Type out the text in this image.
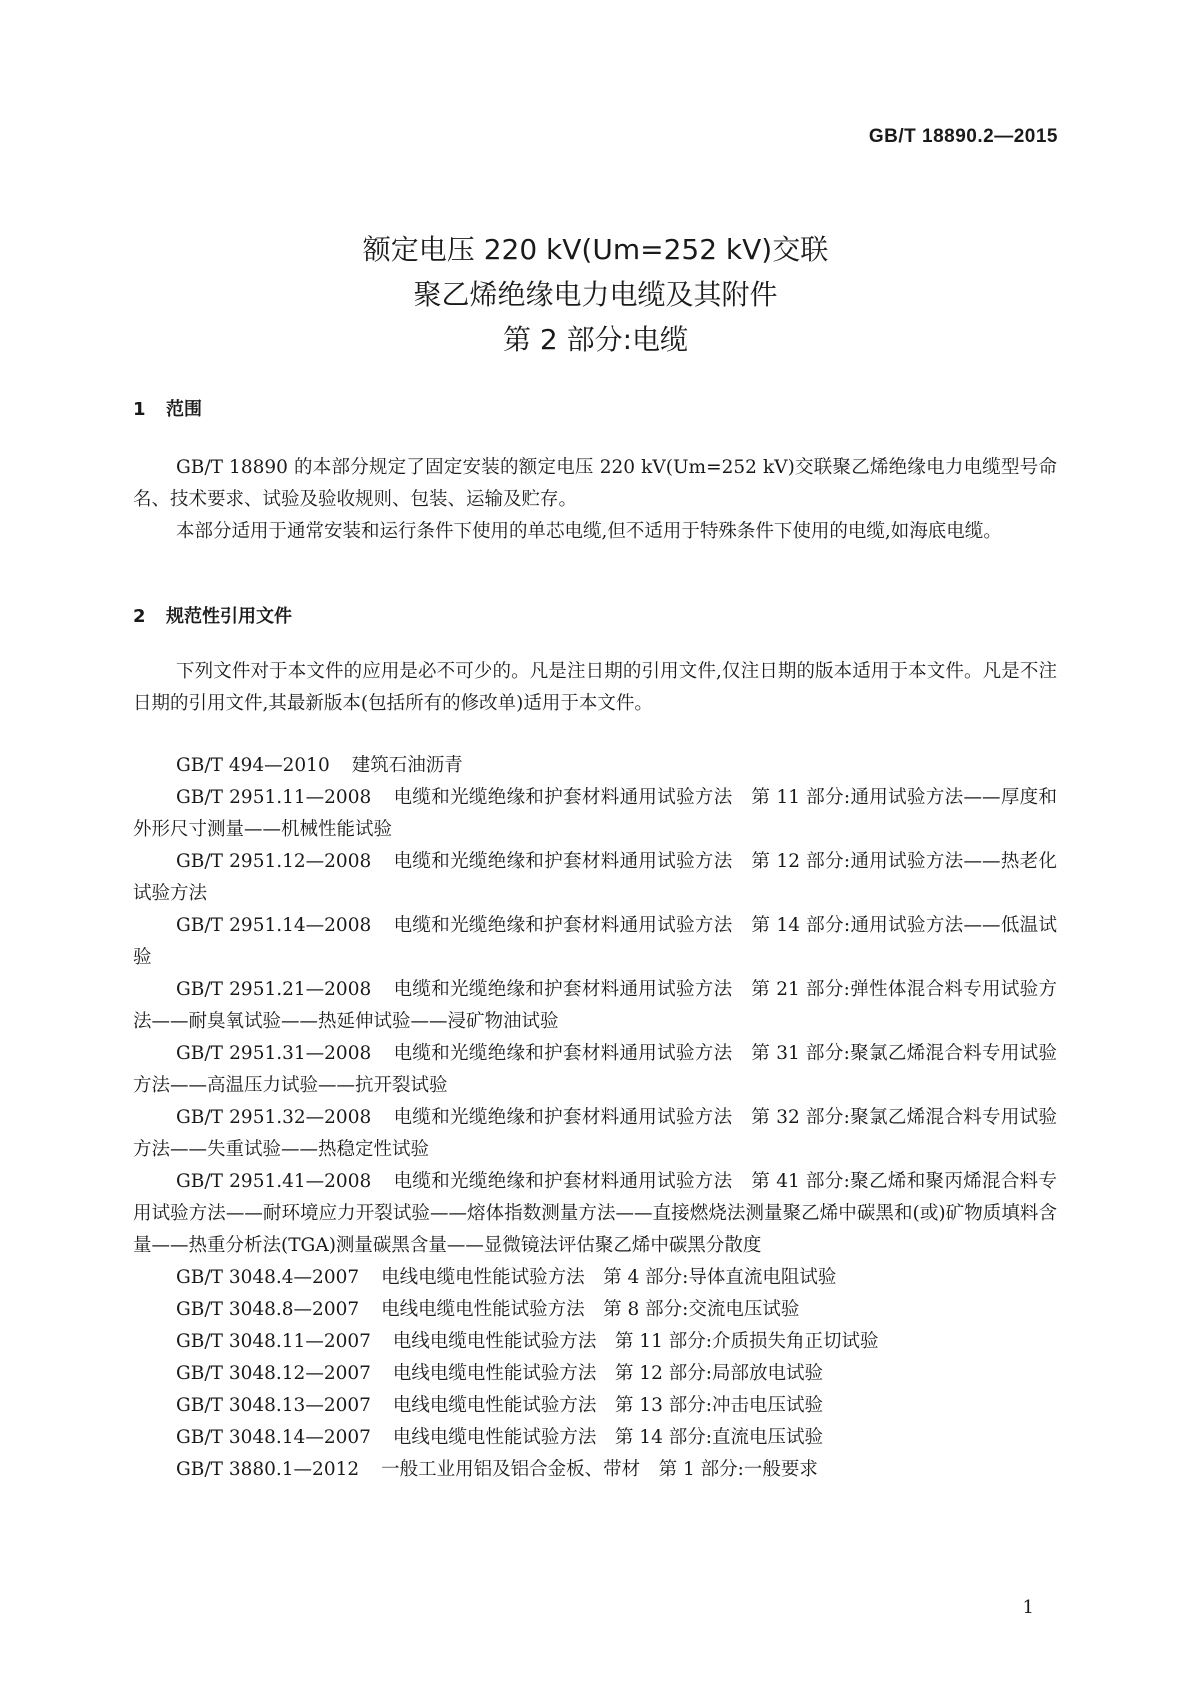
GB/T 18890.2—2015
额定电压 220 kV(Um=252 kV)交联
聚乙烯绝缘电力电缆及其附件
第 2 部分:电缆
1 范围

GB/T 18890 的本部分规定了固定安装的额定电压 220 kV(Um=252 kV)交联聚乙烯绝缘电力电缆型号命名、技术要求、试验及验收规则、包装、运输及贮存。

本部分适用于通常安装和运行条件下使用的单芯电缆,但不适用于特殊条件下使用的电缆,如海底电缆。

2 规范性引用文件

下列文件对于本文件的应用是必不可少的。凡是注日期的引用文件,仅注日期的版本适用于本文件。凡是不注日期的引用文件,其最新版本(包括所有的修改单)适用于本文件。

GB/T 494—2010 建筑石油沥青

GB/T 2951.11—2008 电缆和光缆绝缘和护套材料通用试验方法　第 11 部分:通用试验方法——厚度和外形尺寸测量——机械性能试验

GB/T 2951.12—2008 电缆和光缆绝缘和护套材料通用试验方法　第 12 部分:通用试验方法——热老化试验方法

GB/T 2951.14—2008 电缆和光缆绝缘和护套材料通用试验方法　第 14 部分:通用试验方法——低温试验

GB/T 2951.21—2008 电缆和光缆绝缘和护套材料通用试验方法　第 21 部分:弹性体混合料专用试验方法——耐臭氧试验——热延伸试验——浸矿物油试验

GB/T 2951.31—2008 电缆和光缆绝缘和护套材料通用试验方法　第 31 部分:聚氯乙烯混合料专用试验方法——高温压力试验——抗开裂试验

GB/T 2951.32—2008 电缆和光缆绝缘和护套材料通用试验方法　第 32 部分:聚氯乙烯混合料专用试验方法——失重试验——热稳定性试验

GB/T 2951.41—2008 电缆和光缆绝缘和护套材料通用试验方法　第 41 部分:聚乙烯和聚丙烯混合料专用试验方法——耐环境应力开裂试验——熔体指数测量方法——直接燃烧法测量聚乙烯中碳黑和(或)矿物质填料含量——热重分析法(TGA)测量碳黑含量——显微镜法评估聚乙烯中碳黑分散度

GB/T 3048.4—2007 电线电缆电性能试验方法　第 4 部分:导体直流电阻试验

GB/T 3048.8—2007 电线电缆电性能试验方法　第 8 部分:交流电压试验

GB/T 3048.11—2007 电线电缆电性能试验方法　第 11 部分:介质损失角正切试验

GB/T 3048.12—2007 电线电缆电性能试验方法　第 12 部分:局部放电试验

GB/T 3048.13—2007 电线电缆电性能试验方法　第 13 部分:冲击电压试验

GB/T 3048.14—2007 电线电缆电性能试验方法　第 14 部分:直流电压试验

GB/T 3880.1—2012 一般工业用铝及铝合金板、带材　第 1 部分:一般要求

1
